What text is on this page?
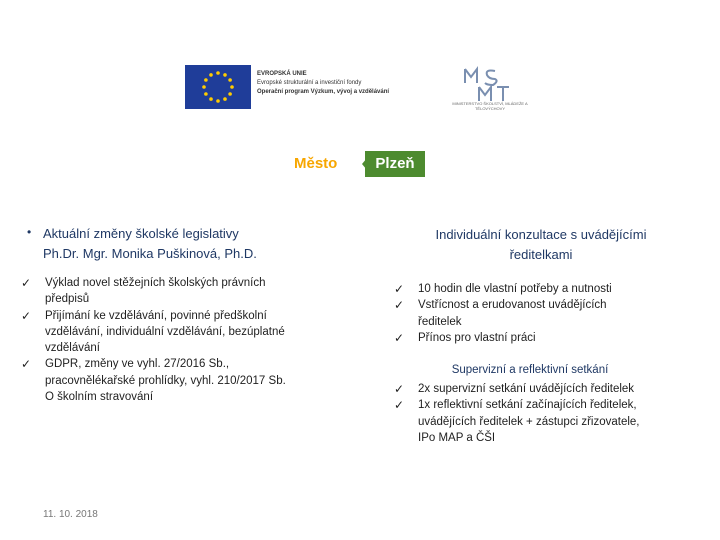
EVROPSKÁ UNIE
Evropské strukturální a investiční fondy
Operační program Výzkum, vývoj a vzdělávání
MINISTERSTVO ŠKOLSTVÍ, MLÁDEŽE A TĚLOVÝCHOVY
Město	Plzeň
• Aktuální změny školské legislativy
Ph.Dr. Mgr. Monika Puškinová, Ph.D.
✓ Výklad novel stěžejních školských právních
předpisů
✓ Přijímání ke vzdělávání, povinné předškolní
vzdělávání, individuální vzdělávání, bezúplatné
vzdělávání
✓ GDPR, změny ve vyhl. 27/2016 Sb.,
pracovnělékařské prohlídky, vyhl. 210/2017 Sb.
O školním stravování
11. 10. 2018
Individuální konzultace s uvádějícími
ředitelkami
✓ 10 hodin dle vlastní potřeby a nutnosti
✓ Vstřícnost a erudovanost uvádějících
ředitelek
✓ Přínos pro vlastní práci
Supervizní a reflektivní setkání
✓ 2x supervizní setkání uvádějících ředitelek
✓ 1x reflektivní setkání začínajících ředitelek,
uvádějících ředitelek + zástupci zřizovatele,
IPo MAP a ČŠI
